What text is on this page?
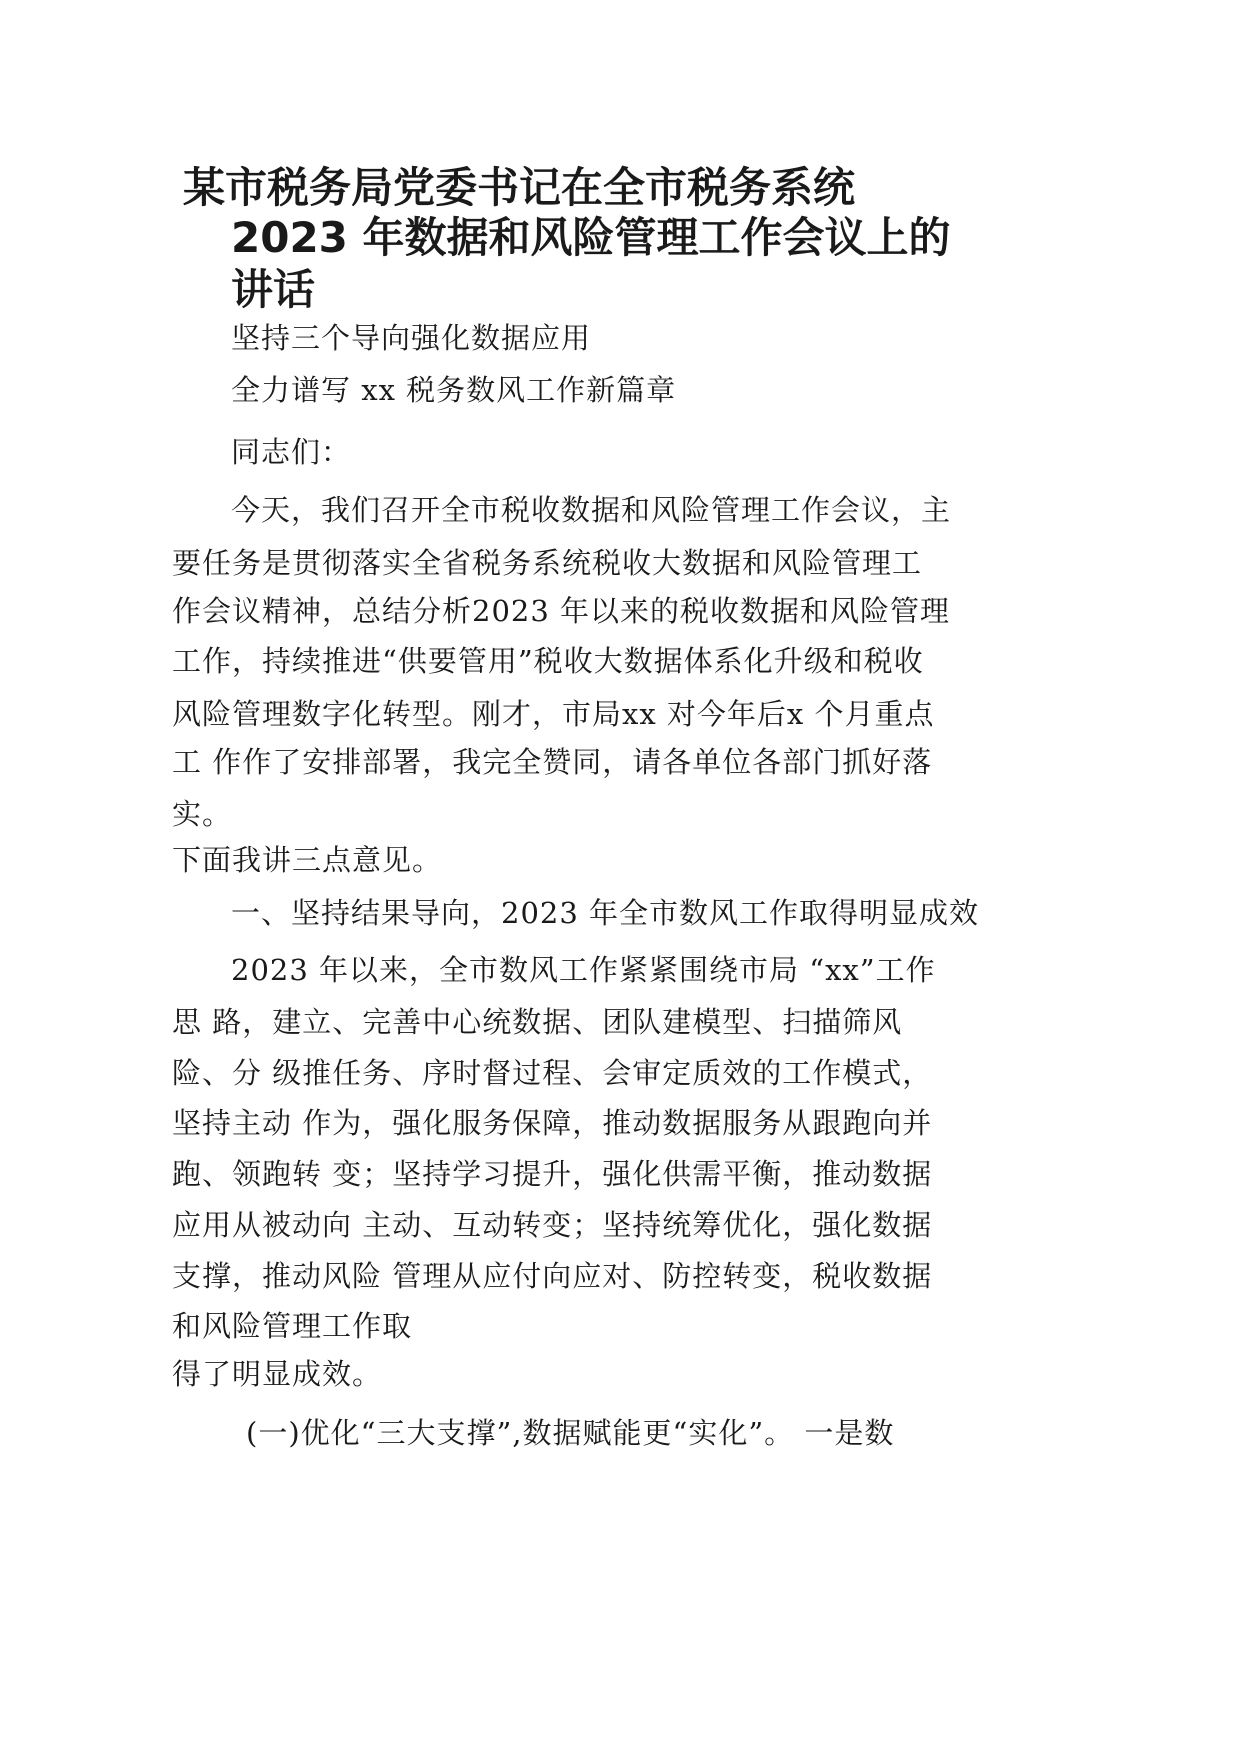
某市税务局党委书记在全市税务系统
2023 年数据和风险管理工作会议上的
讲话

坚持三个导向强化数据应用

全力谱写 xx 税务数风工作新篇章

同志们：

今天，我们召开全市税收数据和风险管理工作会议，主

要任务是贯彻落实全省税务系统税收大数据和风险管理工

作会议精神，总结分析2023 年以来的税收数据和风险管理

工作，持续推进“供要管用”税收大数据体系化升级和税收

风险管理数字化转型。刚才，市局xx 对今年后x 个月重点

工 作作了安排部署，我完全赞同，请各单位各部门抓好落

实。

下面我讲三点意见。

一、坚持结果导向，2023 年全市数风工作取得明显成效

2023 年以来，全市数风工作紧紧围绕市局 “xx”工作

思 路，建立、完善中心统数据、团队建模型、扫描筛风

险、分 级推任务、序时督过程、会审定质效的工作模式，

坚持主动 作为，强化服务保障，推动数据服务从跟跑向并

跑、领跑转 变；坚持学习提升，强化供需平衡，推动数据

应用从被动向 主动、互动转变；坚持统筹优化，强化数据

支撑，推动风险 管理从应付向应对、防控转变，税收数据

和风险管理工作取

得了明显成效。

(一)优化“三大支撑”,数据赋能更“实化”。 一是数
